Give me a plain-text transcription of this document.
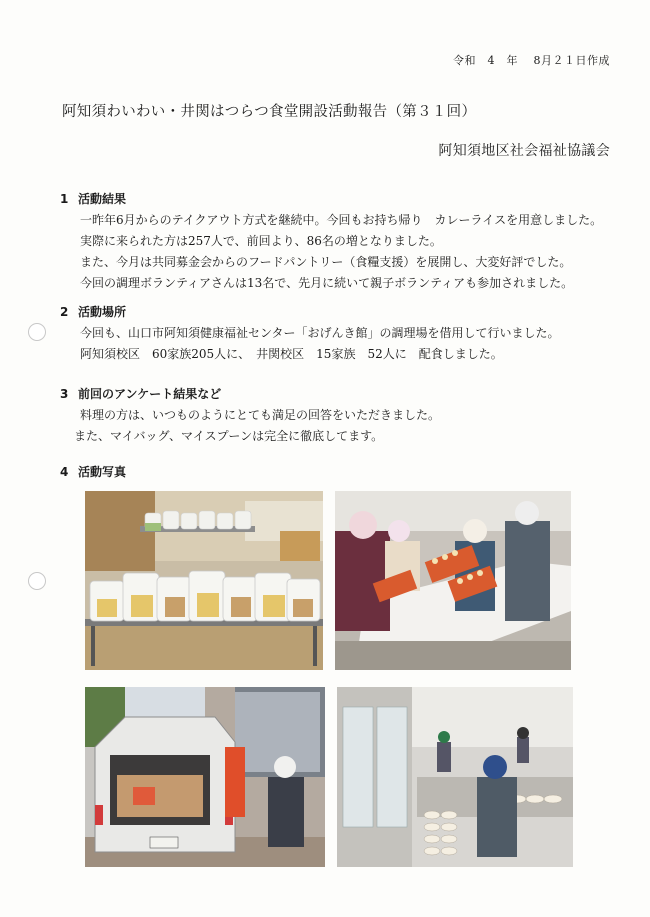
令和　4　年　 8月２１日作成
阿知須わいわい・井関はつらつ食堂開設活動報告（第３１回）
阿知須地区社会福祉協議会
1 活動結果
一昨年6月からのテイクアウト方式を継続中。今回もお持ち帰り　カレーライスを用意しました。
実際に来られた方は257人で、前回より、86名の増となりました。
また、今月は共同募金会からのフードパントリー（食糧支援）を展開し、大変好評でした。
今回の調理ボランティアさんは13名で、先月に続いて親子ボランティアも参加されました。
2 活動場所
今回も、山口市阿知須健康福祉センター「おげんき館」の調理場を借用して行いました。
阿知須校区　60家族205人に、　井関校区　15家族　52人に　配食しました。
3 前回のアンケート結果など
料理の方は、いつものようにとても満足の回答をいただきました。
また、マイバッグ、マイスプーンは完全に徹底してます。
4 活動写真
